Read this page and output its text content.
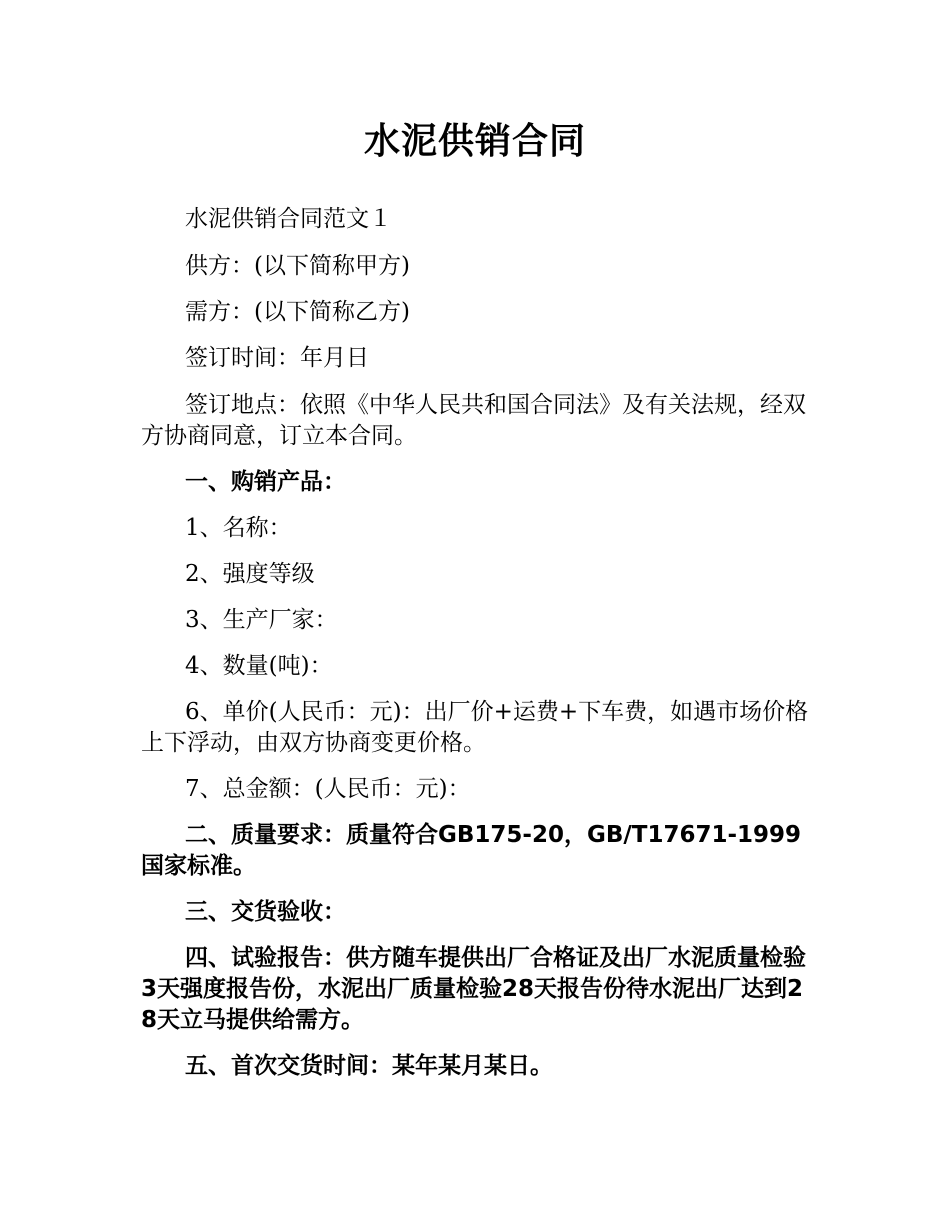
水泥供销合同

水泥供销合同范文１

供方：(以下简称甲方)

需方：(以下简称乙方)

签订时间：年月日

签订地点：依照《中华人民共和国合同法》及有关法规，经双方协商同意，订立本合同。

一、购销产品：

1、名称：

2、强度等级

3、生产厂家：

4、数量(吨)：

6、单价(人民币：元)：出厂价+运费+下车费，如遇市场价格上下浮动，由双方协商变更价格。

7、总金额：(人民币：元)：

二、质量要求：质量符合GB175-20，GB/T17671-1999国家标准。

三、交货验收：

四、试验报告：供方随车提供出厂合格证及出厂水泥质量检验3天强度报告份，水泥出厂质量检验28天报告份待水泥出厂达到28天立马提供给需方。

五、首次交货时间：某年某月某日。
